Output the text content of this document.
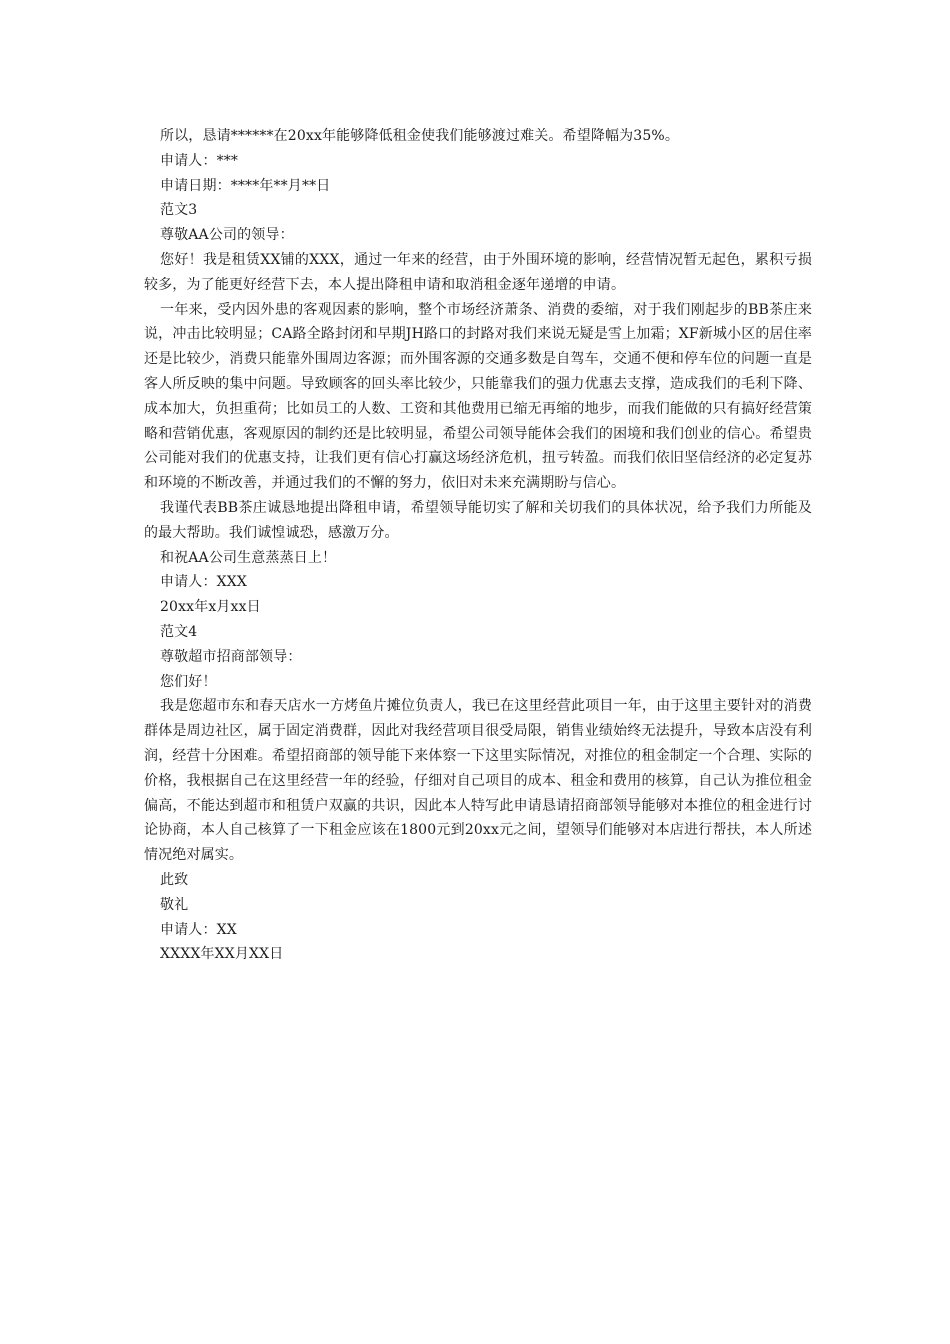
所以，恳请******在20xx年能够降低租金使我们能够渡过难关。希望降幅为35%。

申请人：***

申请日期：****年**月**日

范文3

尊敬AA公司的领导：

您好！我是租赁XX铺的XXX，通过一年来的经营，由于外围环境的影响，经营情况暂无起色，累积亏损较多，为了能更好经营下去，本人提出降租申请和取消租金逐年递增的申请。

一年来，受内因外患的客观因素的影响，整个市场经济萧条、消费的委缩，对于我们刚起步的BB茶庄来说，冲击比较明显；CA路全路封闭和早期JH路口的封路对我们来说无疑是雪上加霜；XF新城小区的居住率还是比较少，消费只能靠外围周边客源；而外围客源的交通多数是自驾车，交通不便和停车位的问题一直是客人所反映的集中问题。导致顾客的回头率比较少，只能靠我们的强力优惠去支撑，造成我们的毛利下降、成本加大，负担重荷；比如员工的人数、工资和其他费用已缩无再缩的地步，而我们能做的只有搞好经营策略和营销优惠，客观原因的制约还是比较明显，希望公司领导能体会我们的困境和我们创业的信心。希望贵公司能对我们的优惠支持，让我们更有信心打赢这场经济危机，扭亏转盈。而我们依旧坚信经济的必定复苏和环境的不断改善，并通过我们的不懈的努力，依旧对未来充满期盼与信心。

我谨代表BB茶庄诚恳地提出降租申请，希望领导能切实了解和关切我们的具体状况，给予我们力所能及的最大帮助。我们诚惶诚恐，感激万分。

和祝AA公司生意蒸蒸日上！

申请人：XXX

20xx年x月xx日

范文4

尊敬超市招商部领导：

您们好！

我是您超市东和春天店水一方烤鱼片摊位负责人，我已在这里经营此项目一年，由于这里主要针对的消费群体是周边社区，属于固定消费群，因此对我经营项目很受局限，销售业绩始终无法提升，导致本店没有利润，经营十分困难。希望招商部的领导能下来体察一下这里实际情况，对推位的租金制定一个合理、实际的价格，我根据自己在这里经营一年的经验，仔细对自己项目的成本、租金和费用的核算，自己认为推位租金偏高，不能达到超市和租赁户双赢的共识，因此本人特写此申请恳请招商部领导能够对本推位的租金进行讨论协商，本人自己核算了一下租金应该在1800元到20xx元之间，望领导们能够对本店进行帮扶，本人所述情况绝对属实。

此致

敬礼

申请人：XX

XXXX年XX月XX日
